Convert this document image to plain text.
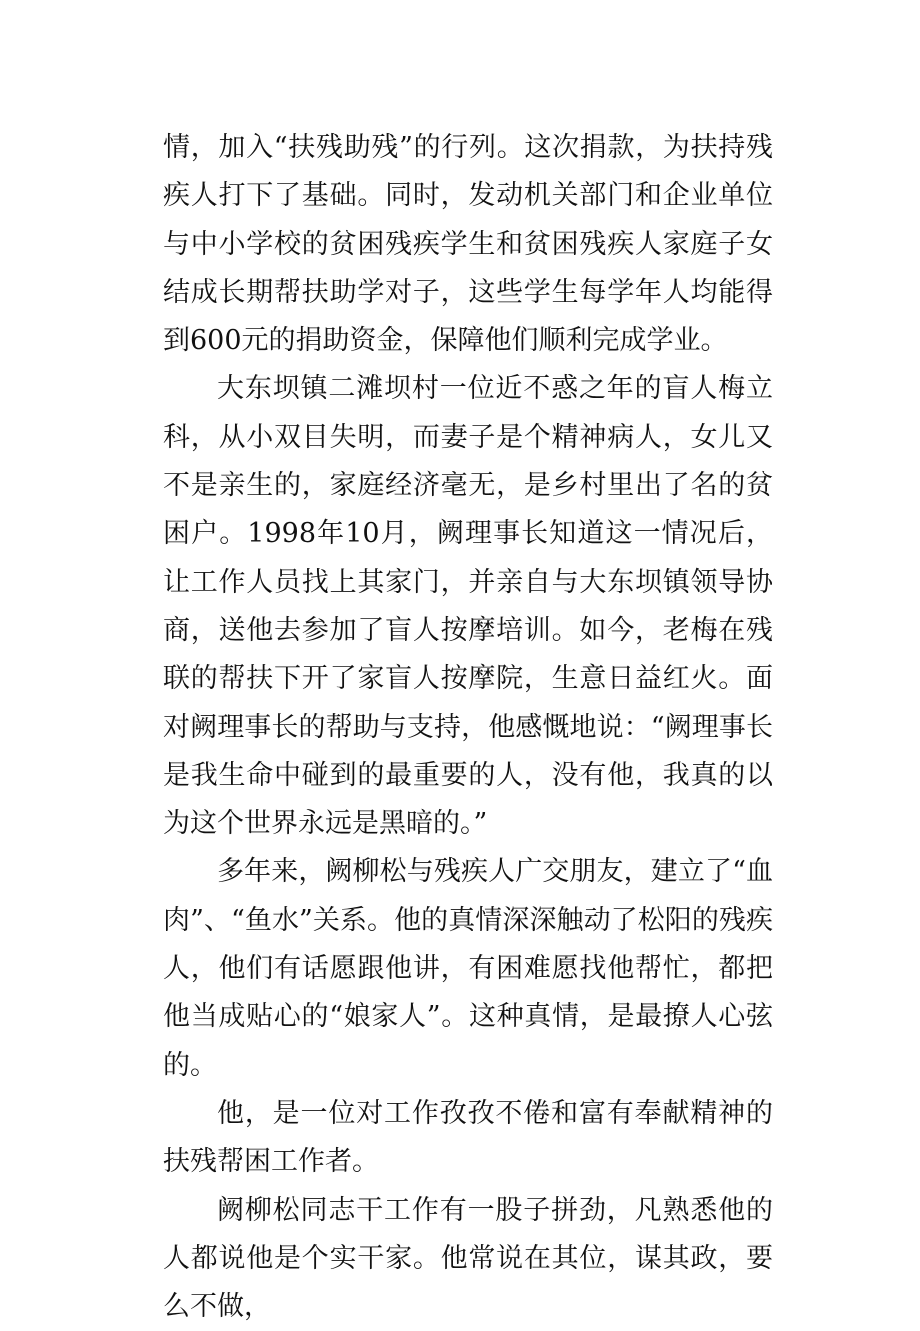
情，加入“扶残助残”的行列。这次捐款，为扶持残疾人打下了基础。同时，发动机关部门和企业单位与中小学校的贫困残疾学生和贫困残疾人家庭子女结成长期帮扶助学对子，这些学生每学年人均能得到600元的捐助资金，保障他们顺利完成学业。

大东坝镇二滩坝村一位近不惑之年的盲人梅立科，从小双目失明，而妻子是个精神病人，女儿又不是亲生的，家庭经济毫无，是乡村里出了名的贫困户。1998年10月，阙理事长知道这一情况后，让工作人员找上其家门，并亲自与大东坝镇领导协商，送他去参加了盲人按摩培训。如今，老梅在残联的帮扶下开了家盲人按摩院，生意日益红火。面对阙理事长的帮助与支持，他感慨地说：“阙理事长是我生命中碰到的最重要的人，没有他，我真的以为这个世界永远是黑暗的。”

多年来，阙柳松与残疾人广交朋友，建立了“血肉”、“鱼水”关系。他的真情深深触动了松阳的残疾人，他们有话愿跟他讲，有困难愿找他帮忙，都把他当成贴心的“娘家人”。这种真情，是最撩人心弦的。

他，是一位对工作孜孜不倦和富有奉献精神的扶残帮困工作者。

阙柳松同志干工作有一股子拼劲，凡熟悉他的人都说他是个实干家。他常说在其位，谋其政，要么不做，
